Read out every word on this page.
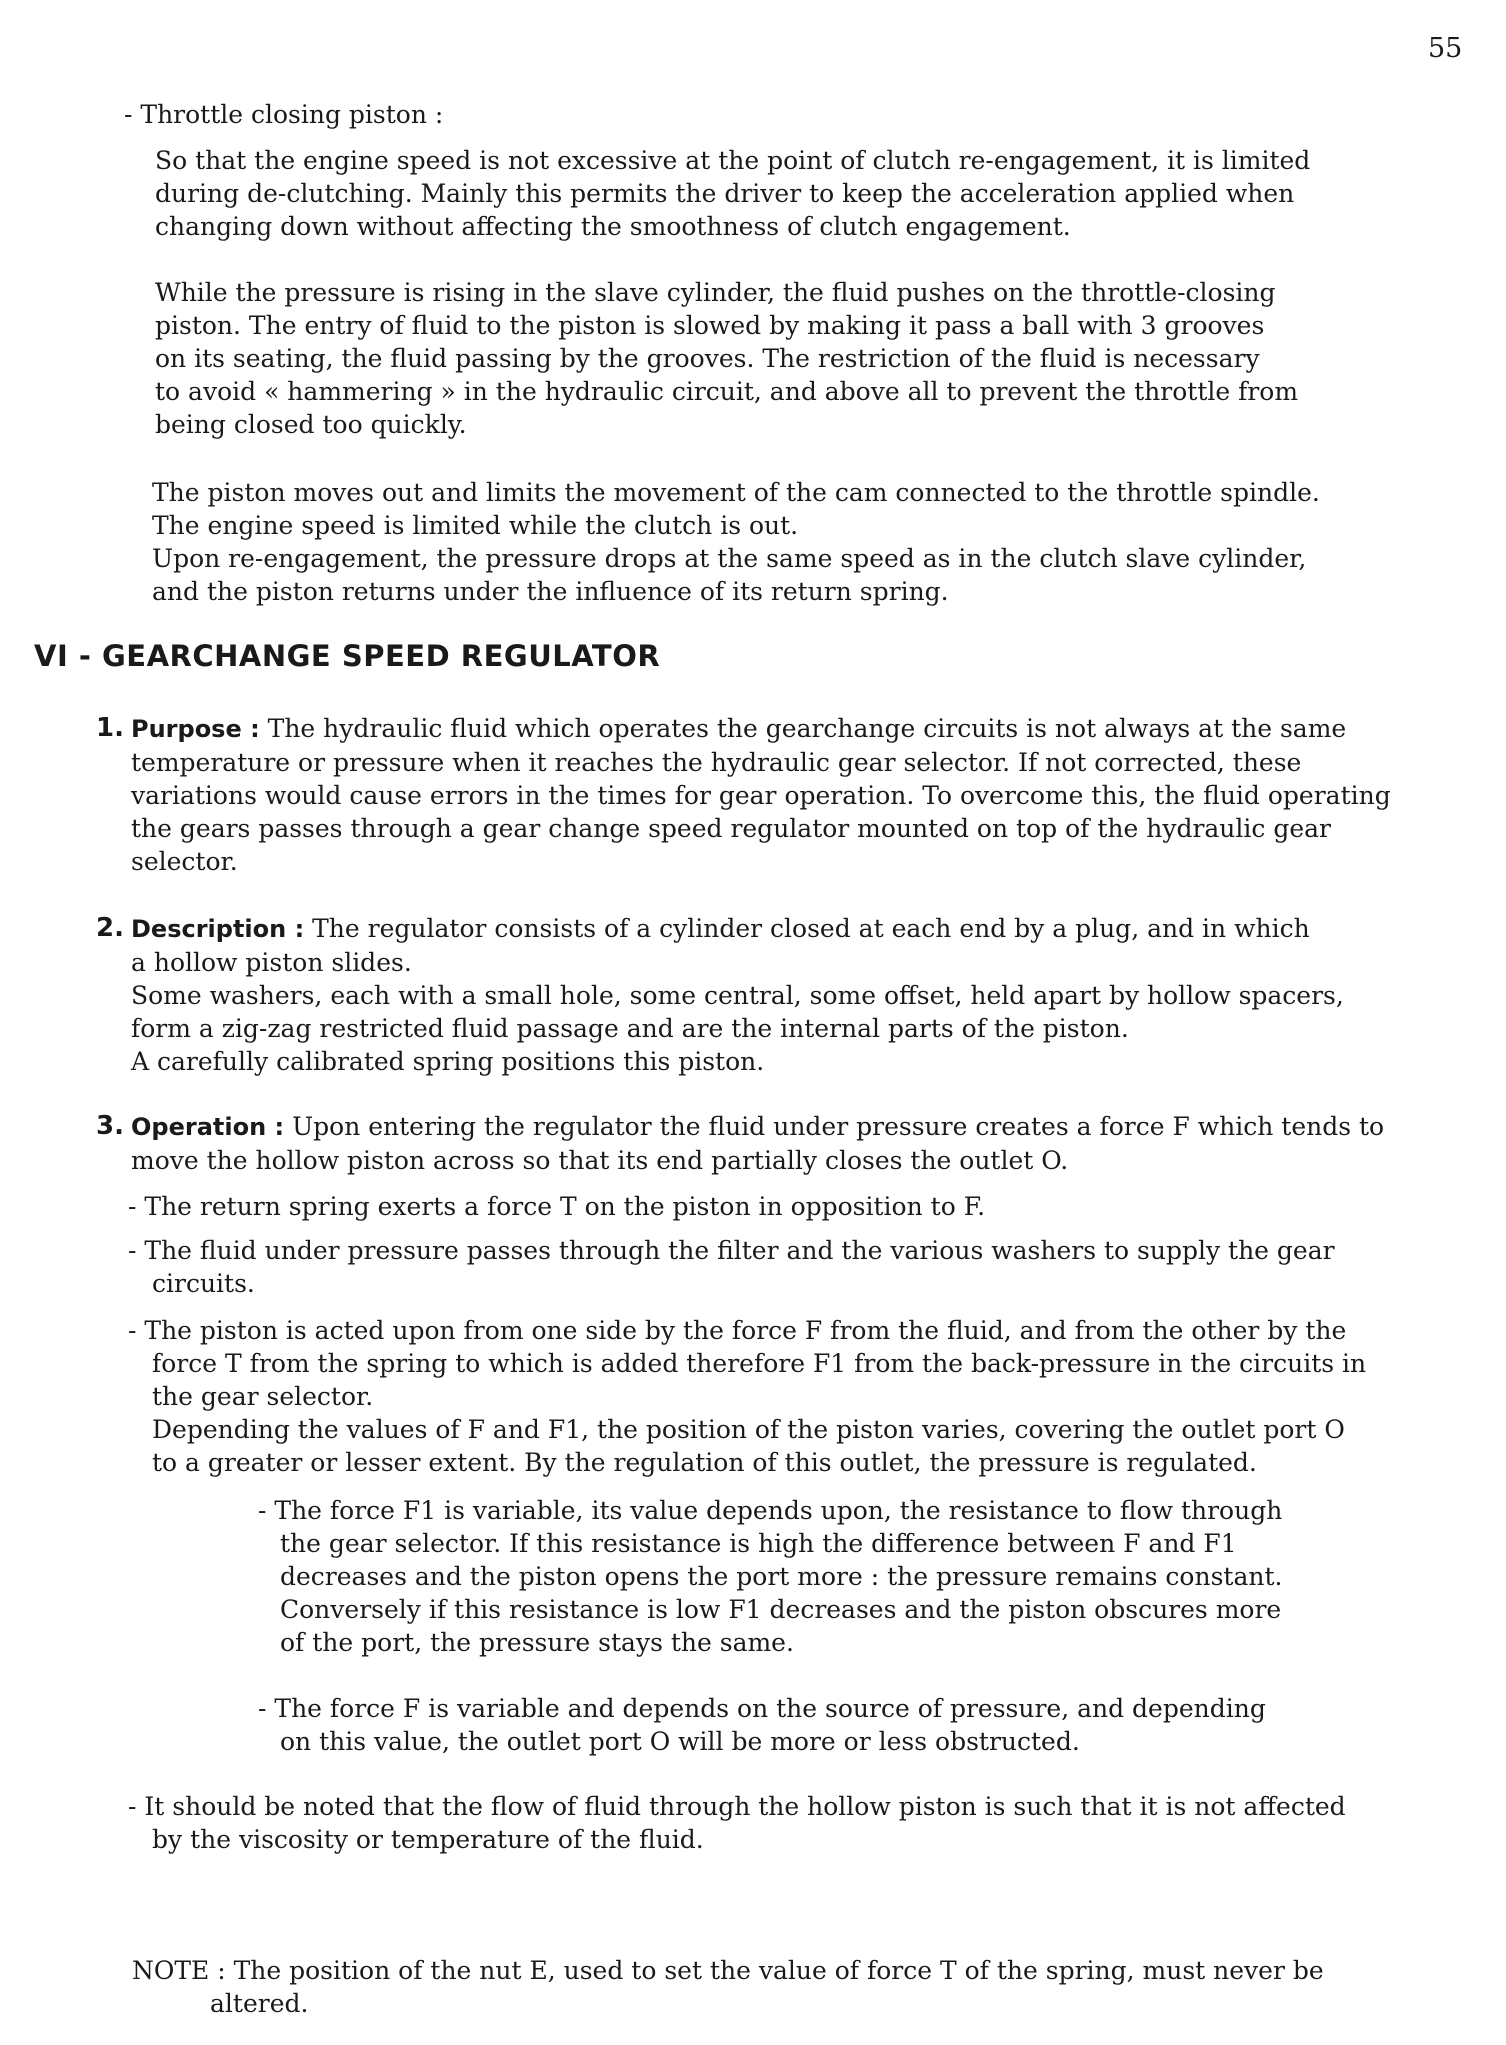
55
- Throttle closing piston :
So that the engine speed is not excessive at the point of clutch re-engagement, it is limited
during de-clutching. Mainly this permits the driver to keep the acceleration applied when
changing down without affecting the smoothness of clutch engagement.
While the pressure is rising in the slave cylinder, the fluid pushes on the throttle-closing
piston. The entry of fluid to the piston is slowed by making it pass a ball with 3 grooves
on its seating, the fluid passing by the grooves. The restriction of the fluid is necessary
to avoid « hammering » in the hydraulic circuit, and above all to prevent the throttle from
being closed too quickly.
The piston moves out and limits the movement of the cam connected to the throttle spindle.
The engine speed is limited while the clutch is out.
Upon re-engagement, the pressure drops at the same speed as in the clutch slave cylinder,
and the piston returns under the influence of its return spring.
VI - GEARCHANGE SPEED REGULATOR
1. Purpose : The hydraulic fluid which operates the gearchange circuits is not always at the same
temperature or pressure when it reaches the hydraulic gear selector. If not corrected, these
variations would cause errors in the times for gear operation. To overcome this, the fluid operating
the gears passes through a gear change speed regulator mounted on top of the hydraulic gear
selector.
2. Description : The regulator consists of a cylinder closed at each end by a plug, and in which
a hollow piston slides.
Some washers, each with a small hole, some central, some offset, held apart by hollow spacers,
form a zig-zag restricted fluid passage and are the internal parts of the piston.
A carefully calibrated spring positions this piston.
3. Operation : Upon entering the regulator the fluid under pressure creates a force F which tends to
move the hollow piston across so that its end partially closes the outlet O.
- The return spring exerts a force T on the piston in opposition to F.
- The fluid under pressure passes through the filter and the various washers to supply the gear
circuits.
- The piston is acted upon from one side by the force F from the fluid, and from the other by the
force T from the spring to which is added therefore F1 from the back-pressure in the circuits in
the gear selector.
Depending the values of F and F1, the position of the piston varies, covering the outlet port O
to a greater or lesser extent. By the regulation of this outlet, the pressure is regulated.
- The force F1 is variable, its value depends upon, the resistance to flow through
the gear selector. If this resistance is high the difference between F and F1
decreases and the piston opens the port more : the pressure remains constant.
Conversely if this resistance is low F1 decreases and the piston obscures more
of the port, the pressure stays the same.
- The force F is variable and depends on the source of pressure, and depending
on this value, the outlet port O will be more or less obstructed.
- It should be noted that the flow of fluid through the hollow piston is such that it is not affected
by the viscosity or temperature of the fluid.
NOTE : The position of the nut E, used to set the value of force T of the spring, must never be
altered.
